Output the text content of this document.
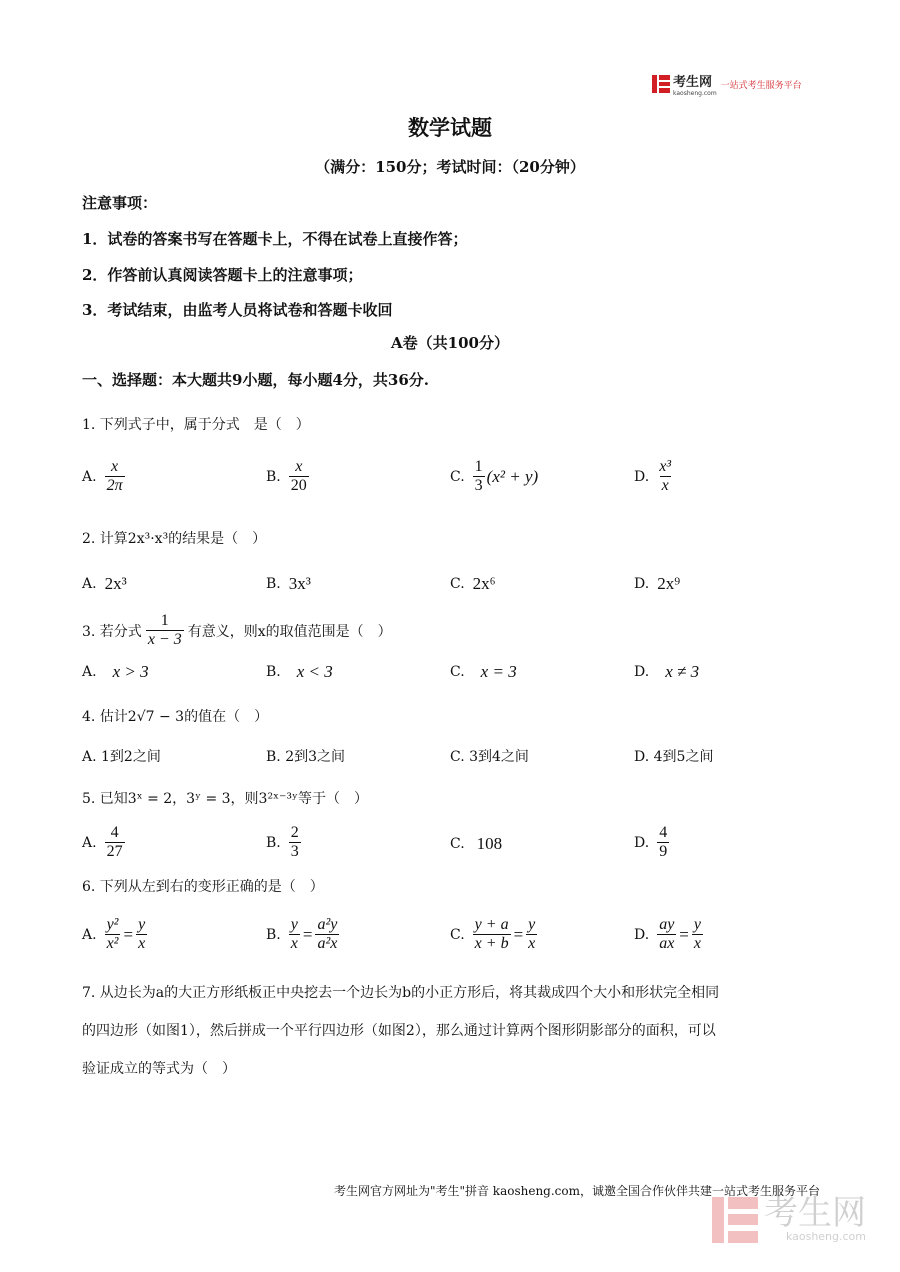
考生网
kaosheng.com
一站式考生服务平台
数学试题
（满分：150分；考试时间：（20分钟）
注意事项：
1．试卷的答案书写在答题卡上，不得在试卷上直接作答；
2．作答前认真阅读答题卡上的注意事项；
3．考试结束，由监考人员将试卷和答题卡收回
A卷（共100分）
一、选择题：本大题共9小题，每小题4分，共36分.
1. 下列式子中，属于分式　是（　）
A. $\frac{x}{2\pi}$	B. $\frac{x}{20}$	C. $\frac{1}{3} (x^2 + y)$	D. $\frac{\text{x³}}{x}$
2. 计算2x³·x³的结果是（　）
A. 2x³	B. 3x³	C. 2x⁶	D. 2x⁹
3. 若分式 $\frac{1}{x - 3}$ 有意义，则x的取值范围是（　）
A. x > 3	B. x < 3	C. x = 3	D. x ≠ 3
4. 估计2√7 − 3的值在（　）
A. 1到2之间	B. 2到3之间	C. 3到4之间	D. 4到5之间
5. 已知3ˣ = 2，3ʸ = 3，则3²ˣ⁻³ʸ等于（　）
A. $\frac{4}{27}$	B. $\frac{2}{3}$	C. 108	D. $\frac{4}{9}$
6. 下列从左到右的变形正确的是（　）
A. $\frac{\text{y²}}{\text{x²}} = \frac{y}{x}$	B. $\frac{y}{x} = \frac{\text{a²y}}{\text{a²x}}$	C. $\frac{y + a}{x + b} = \frac{y}{x}$	D. $\frac{ay}{ax} = \frac{y}{x}$
7. 从边长为a的大正方形纸板正中央挖去一个边长为b的小正方形后，将其裁成四个大小和形状完全相同
的四边形（如图1），然后拼成一个平行四边形（如图2），那么通过计算两个图形阴影部分的面积，可以
验证成立的等式为（　）
考生网官方网址为"考生"拼音 kaosheng.com，诚邀全国合作伙伴共建一站式考生服务平台
考生网
kaosheng.com
